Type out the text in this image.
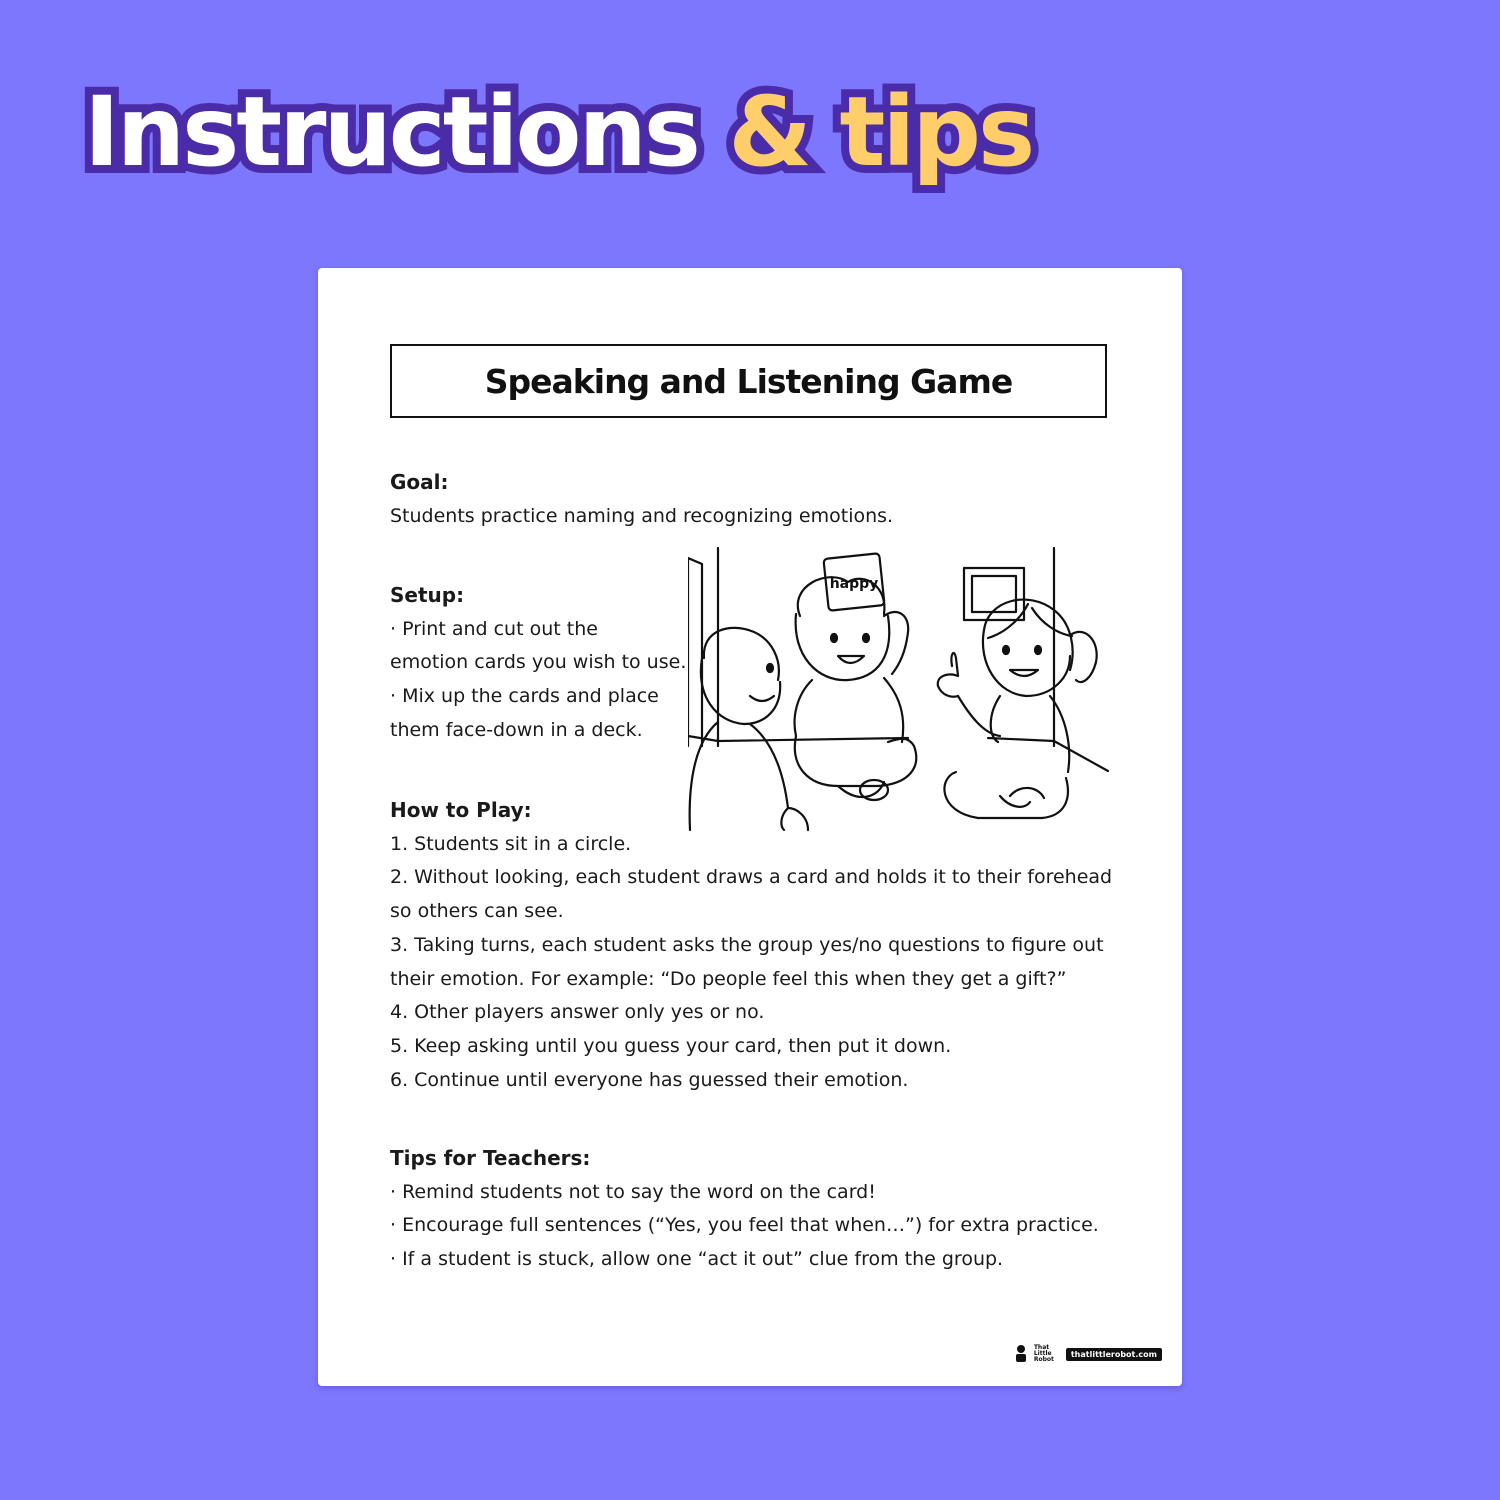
Instructions & tips
Speaking and Listening Game
Goal:
Students practice naming and recognizing emotions.
Setup:
· Print and cut out the
emotion cards you wish to use.
· Mix up the cards and place
them face-down in a deck.
How to Play:
1. Students sit in a circle.
2. Without looking, each student draws a card and holds it to their forehead
so others can see.
3. Taking turns, each student asks the group yes/no questions to figure out
their emotion. For example: “Do people feel this when they get a gift?”
4. Other players answer only yes or no.
5. Keep asking until you guess your card, then put it down.
6. Continue until everyone has guessed their emotion.
Tips for Teachers:
· Remind students not to say the word on the card!
· Encourage full sentences (“Yes, you feel that when…”) for extra practice.
· If a student is stuck, allow one “act it out” clue from the group.
happy
That Little Robot
thatlittlerobot.com
